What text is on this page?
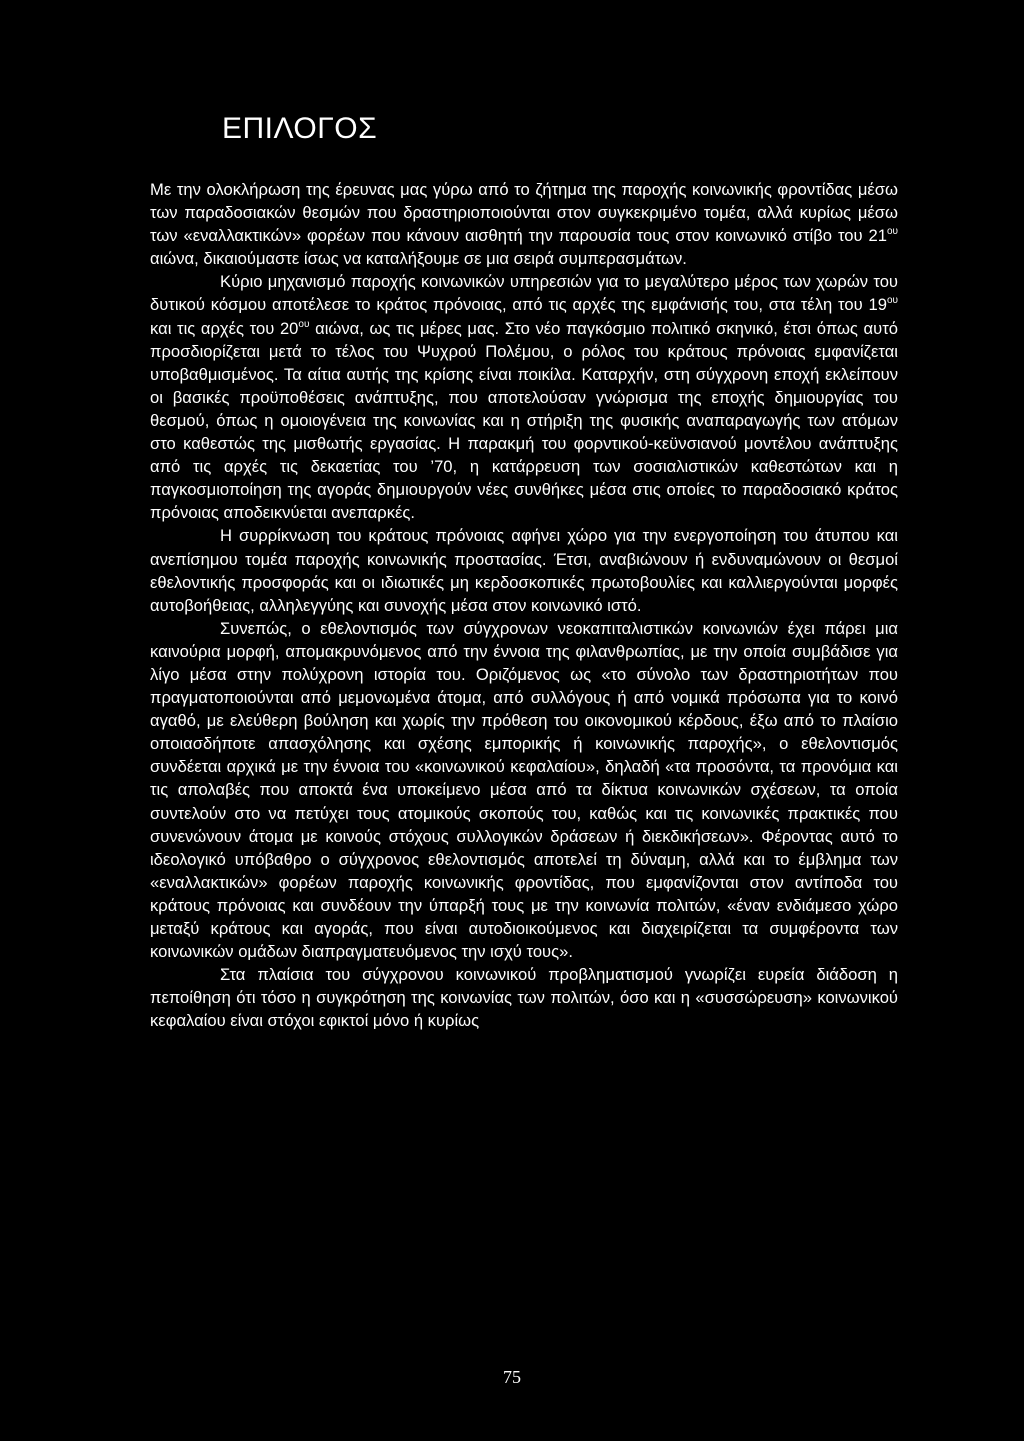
ΕΠΙΛΟΓΟΣ

Με την ολοκλήρωση της έρευνας μας γύρω από το ζήτημα της παροχής κοινωνικής φροντίδας μέσω των παραδοσιακών θεσμών που δραστηριοποιούνται στον συγκεκριμένο τομέα, αλλά κυρίως μέσω των «εναλλακτικών» φορέων που κάνουν αισθητή την παρουσία τους στον κοινωνικό στίβο του $21^{o\upsilon}$ αιώνα, δικαιούμαστε ίσως να καταλήξουμε σε μια σειρά συμπερασμάτων.

Κύριο μηχανισμό παροχής κοινωνικών υπηρεσιών για το μεγαλύτερο μέρος των χωρών του δυτικού κόσμου αποτέλεσε το κράτος πρόνοιας, από τις αρχές της εμφάνισής του, στα τέλη του $19^{o\upsilon}$ και τις αρχές του $20^{o\upsilon}$ αιώνα, ως τις μέρες μας. Στο νέο παγκόσμιο πολιτικό σκηνικό, έτσι όπως αυτό προσδιορίζεται μετά το τέλος του Ψυχρού Πολέμου, ο ρόλος του κράτους πρόνοιας εμφανίζεται υποβαθμισμένος. Τα αίτια αυτής της κρίσης είναι ποικίλα. Καταρχήν, στη σύγχρονη εποχή εκλείπουν οι βασικές προϋποθέσεις ανάπτυξης, που αποτελούσαν γνώρισμα της εποχής δημιουργίας του θεσμού, όπως η ομοιογένεια της κοινωνίας και η στήριξη της φυσικής αναπαραγωγής των ατόμων στο καθεστώς της μισθωτής εργασίας. Η παρακμή του φορντικού-κεϋνσιανού μοντέλου ανάπτυξης από τις αρχές τις δεκαετίας του ’70, η κατάρρευση των σοσιαλιστικών καθεστώτων και η παγκοσμιοποίηση της αγοράς δημιουργούν νέες συνθήκες μέσα στις οποίες το παραδοσιακό κράτος πρόνοιας αποδεικνύεται ανεπαρκές.

Η συρρίκνωση του κράτους πρόνοιας αφήνει χώρο για την ενεργοποίηση του άτυπου και ανεπίσημου τομέα παροχής κοινωνικής προστασίας. Έτσι, αναβιώνουν ή ενδυναμώνουν οι θεσμοί εθελοντικής προσφοράς και οι ιδιωτικές μη κερδοσκοπικές πρωτοβουλίες και καλλιεργούνται μορφές αυτοβοήθειας, αλληλεγγύης και συνοχής μέσα στον κοινωνικό ιστό.

Συνεπώς, ο εθελοντισμός των σύγχρονων νεοκαπιταλιστικών κοινωνιών έχει πάρει μια καινούρια μορφή, απομακρυνόμενος από την έννοια της φιλανθρωπίας, με την οποία συμβάδισε για λίγο μέσα στην πολύχρονη ιστορία του. Οριζόμενος ως «το σύνολο των δραστηριοτήτων που πραγματοποιούνται από μεμονωμένα άτομα, από συλλόγους ή από νομικά πρόσωπα για το κοινό αγαθό, με ελεύθερη βούληση και χωρίς την πρόθεση του οικονομικού κέρδους, έξω από το πλαίσιο οποιασδήποτε απασχόλησης και σχέσης εμπορικής ή κοινωνικής παροχής», ο εθελοντισμός συνδέεται αρχικά με την έννοια του «κοινωνικού κεφαλαίου», δηλαδή «τα προσόντα, τα προνόμια και τις απολαβές που αποκτά ένα υποκείμενο μέσα από τα δίκτυα κοινωνικών σχέσεων, τα οποία συντελούν στο να πετύχει τους ατομικούς σκοπούς του, καθώς και τις κοινωνικές πρακτικές που συνενώνουν άτομα με κοινούς στόχους συλλογικών δράσεων ή διεκδικήσεων». Φέροντας αυτό το ιδεολογικό υπόβαθρο ο σύγχρονος εθελοντισμός αποτελεί τη δύναμη, αλλά και το έμβλημα των «εναλλακτικών» φορέων παροχής κοινωνικής φροντίδας, που εμφανίζονται στον αντίποδα του κράτους πρόνοιας και συνδέουν την ύπαρξή τους με την κοινωνία πολιτών, «έναν ενδιάμεσο χώρο μεταξύ κράτους και αγοράς, που είναι αυτοδιοικούμενος και διαχειρίζεται τα συμφέροντα των κοινωνικών ομάδων διαπραγματευόμενος την ισχύ τους».

Στα πλαίσια του σύγχρονου κοινωνικού προβληματισμού γνωρίζει ευρεία διάδοση η πεποίθηση ότι τόσο η συγκρότηση της κοινωνίας των πολιτών, όσο και η «συσσώρευση» κοινωνικού κεφαλαίου είναι στόχοι εφικτοί μόνο ή κυρίως

75
